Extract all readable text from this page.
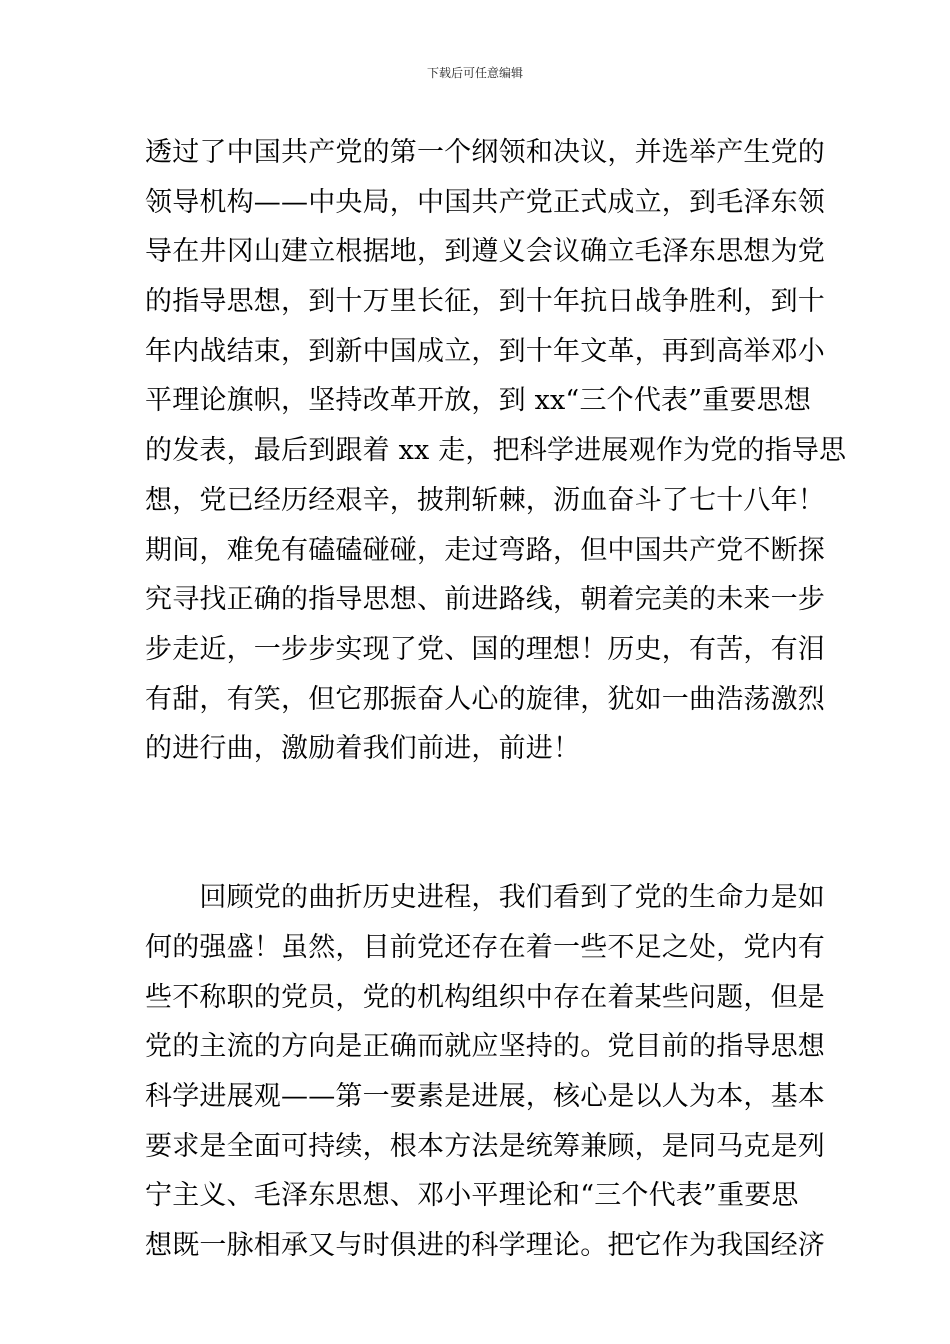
下载后可任意编辑
透过了中国共产党的第一个纲领和决议，并选举产生党的
领导机构——中央局，中国共产党正式成立，到毛泽东领
导在井冈山建立根据地，到遵义会议确立毛泽东思想为党
的指导思想，到十万里长征，到十年抗日战争胜利，到十
年内战结束，到新中国成立，到十年文革，再到高举邓小
平理论旗帜，坚持改革开放，到 xx“三个代表”重要思想
的发表，最后到跟着 xx 走，把科学进展观作为党的指导思
想，党已经历经艰辛，披荆斩棘，沥血奋斗了七十八年！
期间，难免有磕磕碰碰，走过弯路，但中国共产党不断探
究寻找正确的指导思想、前进路线，朝着完美的未来一步
步走近，一步步实现了党、国的理想！历史，有苦，有泪
有甜，有笑，但它那振奋人心的旋律，犹如一曲浩荡激烈
的进行曲，激励着我们前进，前进！
　　回顾党的曲折历史进程，我们看到了党的生命力是如
何的强盛！虽然，目前党还存在着一些不足之处，党内有
些不称职的党员，党的机构组织中存在着某些问题，但是
党的主流的方向是正确而就应坚持的。党目前的指导思想
科学进展观——第一要素是进展，核心是以人为本，基本
要求是全面可持续，根本方法是统筹兼顾，是同马克是列
宁主义、毛泽东思想、邓小平理论和“三个代表”重要思
想既一脉相承又与时俱进的科学理论。把它作为我国经济
